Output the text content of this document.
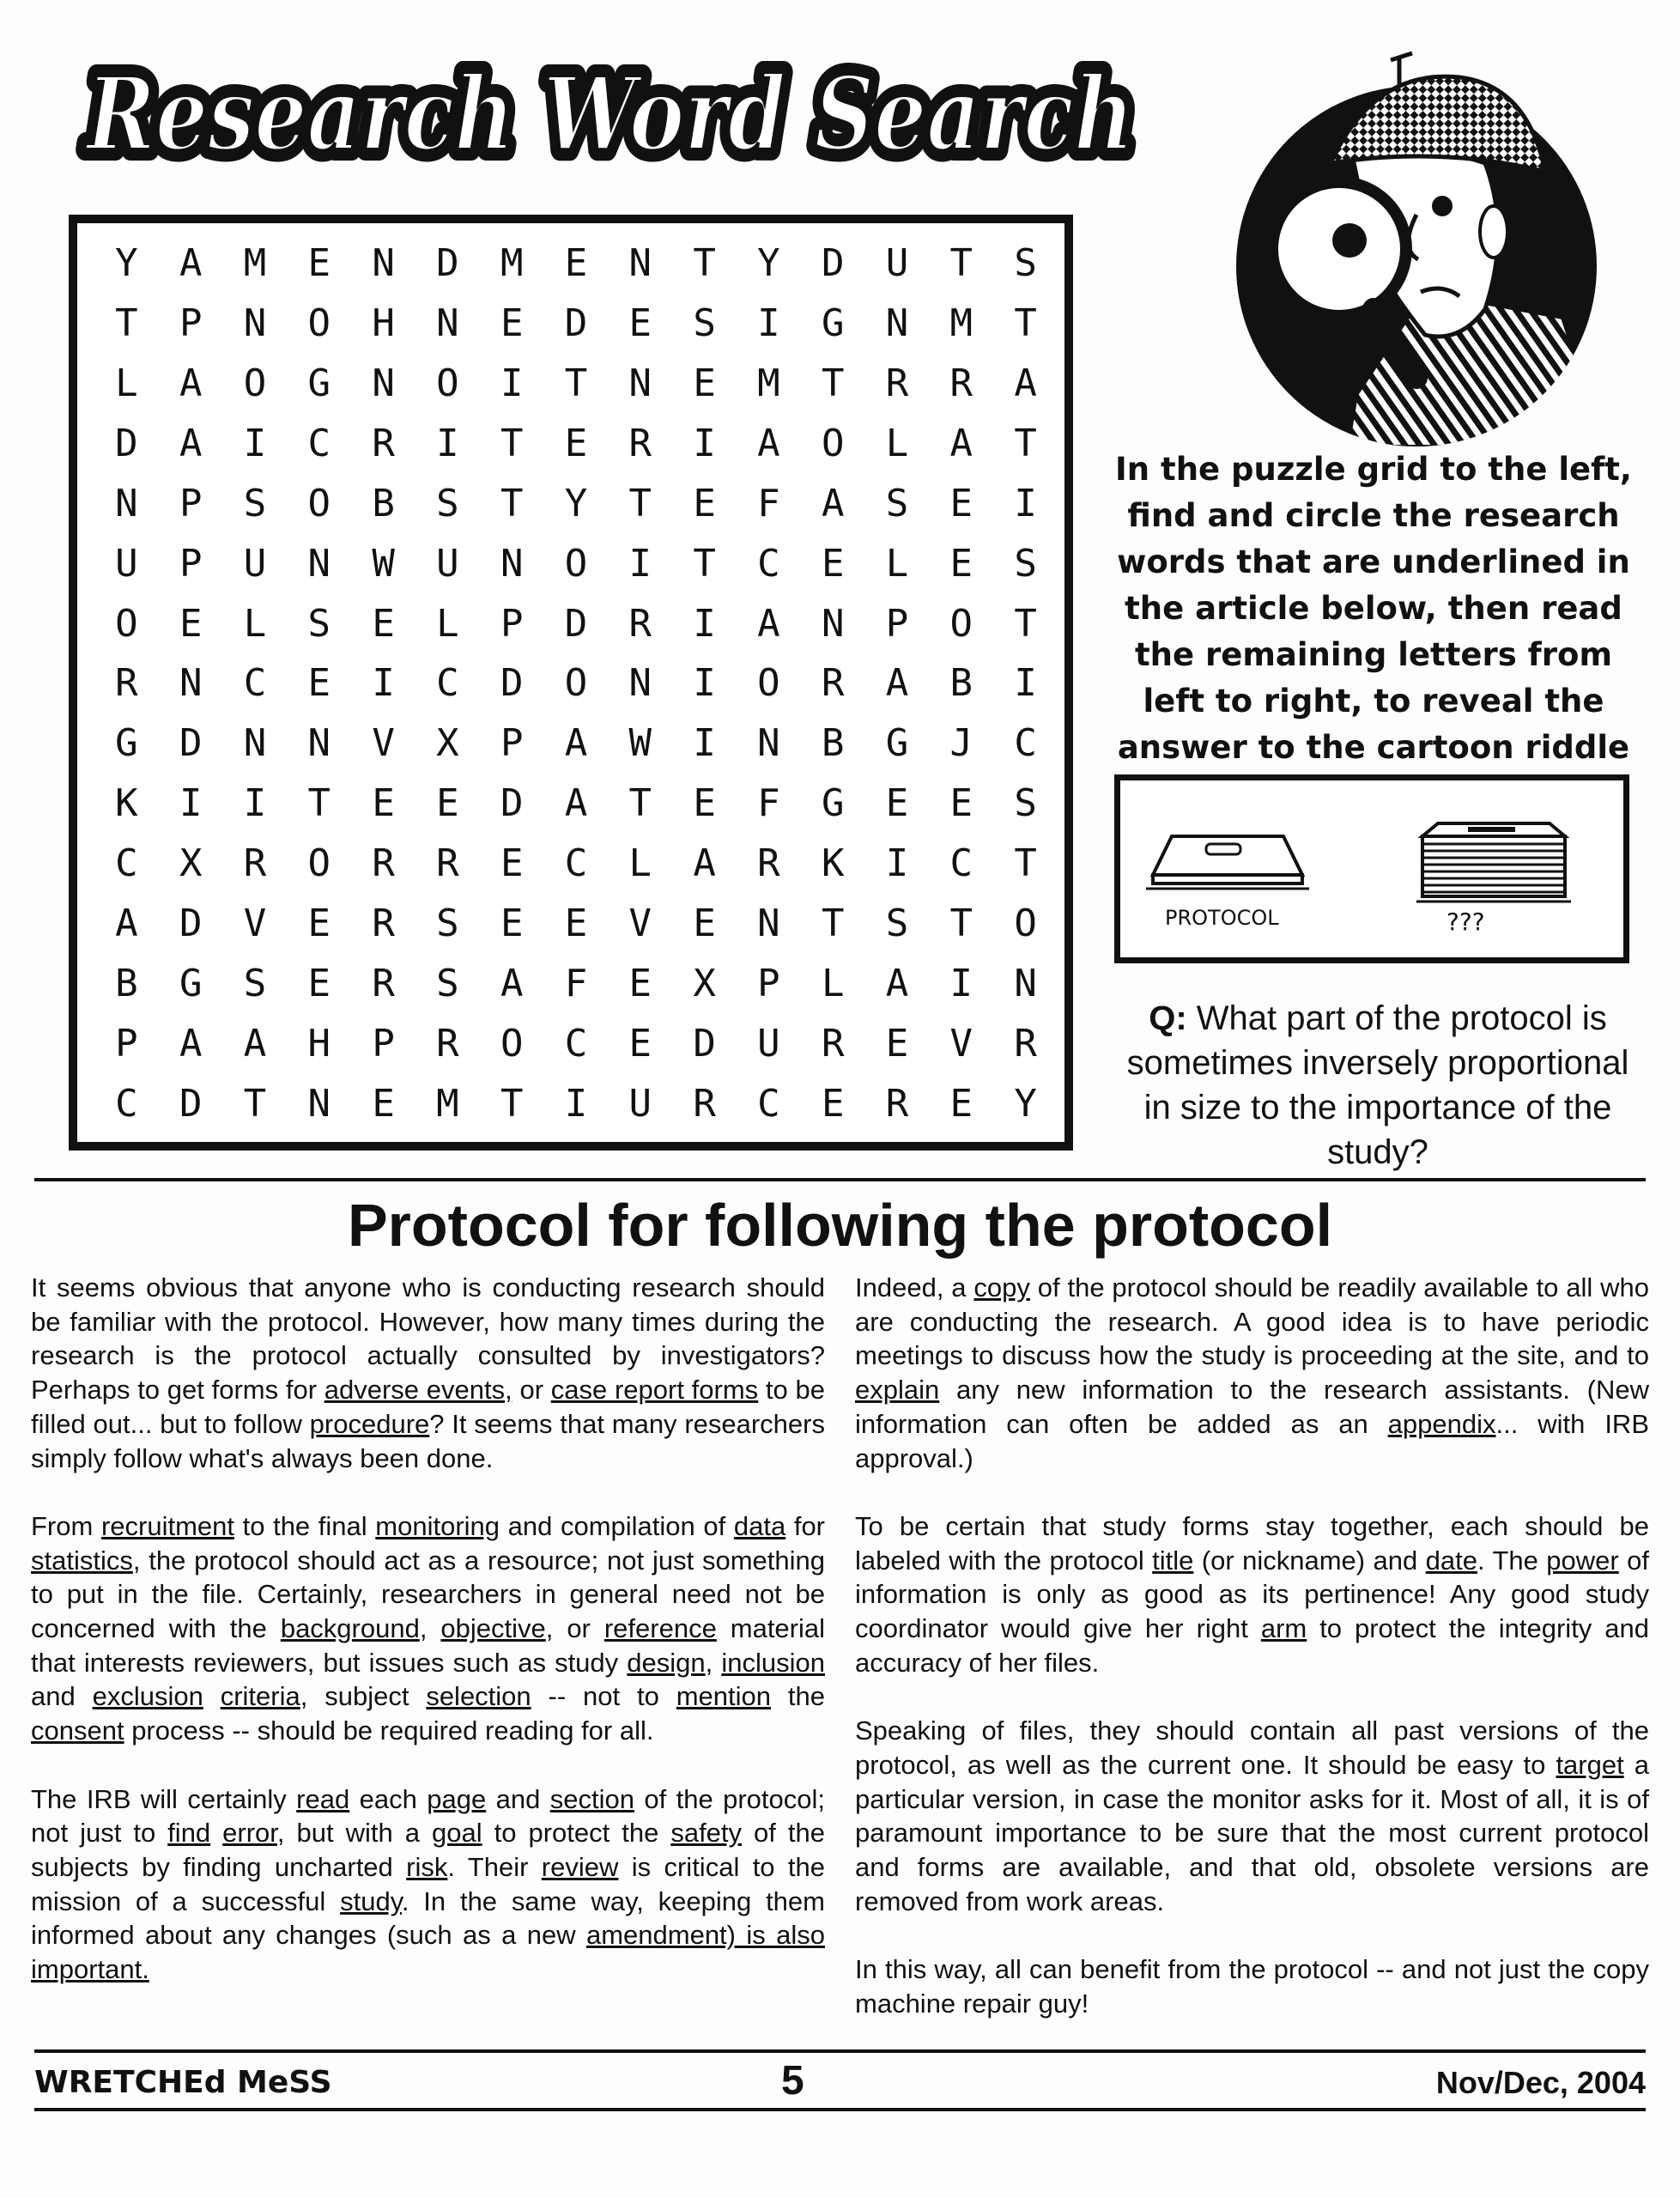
Research Word Search
Research Word Search
Y	A	M	E	N	D	M	E	N	T	Y	D	U	T	S
T	P	N	O	H	N	E	D	E	S	I	G	N	M	T
L	A	O	G	N	O	I	T	N	E	M	T	R	R	A
D	A	I	C	R	I	T	E	R	I	A	O	L	A	T
N	P	S	O	B	S	T	Y	T	E	F	A	S	E	I
U	P	U	N	W	U	N	O	I	T	C	E	L	E	S
O	E	L	S	E	L	P	D	R	I	A	N	P	O	T
R	N	C	E	I	C	D	O	N	I	O	R	A	B	I
G	D	N	N	V	X	P	A	W	I	N	B	G	J	C
K	I	I	T	E	E	D	A	T	E	F	G	E	E	S
C	X	R	O	R	R	E	C	L	A	R	K	I	C	T
A	D	V	E	R	S	E	E	V	E	N	T	S	T	O
B	G	S	E	R	S	A	F	E	X	P	L	A	I	N
P	A	A	H	P	R	O	C	E	D	U	R	E	V	R
C	D	T	N	E	M	T	I	U	R	C	E	R	E	Y
In the puzzle grid to the left, find and circle the research words that are underlined in the article below, then read the remaining letters from left to right, to reveal the answer to the cartoon riddle
PROTOCOL	???
Q: What part of the protocol is sometimes inversely proportional in size to the importance of the study?
Protocol for following the protocol

It seems obvious that anyone who is conducting research should be familiar with the protocol. However, how many times during the research is the protocol actually consulted by investigators? Perhaps to get forms for adverse events, or case report forms to be filled out... but to follow procedure? It seems that many researchers simply follow what's always been done.

From recruitment to the final monitoring and compilation of data for statistics, the protocol should act as a resource; not just something to put in the file. Certainly, researchers in general need not be concerned with the background, objective, or reference material that interests reviewers, but issues such as study design, inclusion and exclusion criteria, subject selection -- not to mention the consent process -- should be required reading for all.

The IRB will certainly read each page and section of the protocol; not just to find error, but with a goal to protect the safety of the subjects by finding uncharted risk. Their review is critical to the mission of a successful study. In the same way, keeping them informed about any changes (such as a new amendment) is also important.

Indeed, a copy of the protocol should be readily available to all who are conducting the research. A good idea is to have periodic meetings to discuss how the study is proceeding at the site, and to explain any new information to the research assistants. (New information can often be added as an appendix... with IRB approval.)

To be certain that study forms stay together, each should be labeled with the protocol title (or nickname) and date. The power of information is only as good as its pertinence! Any good study coordinator would give her right arm to protect the integrity and accuracy of her files.

Speaking of files, they should contain all past versions of the protocol, as well as the current one. It should be easy to target a particular version, in case the monitor asks for it. Most of all, it is of paramount importance to be sure that the most current protocol and forms are available, and that old, obsolete versions are removed from work areas.

In this way, all can benefit from the protocol -- and not just the copy machine repair guy!

WRETCHEd MeSS	5	Nov/Dec, 2004
